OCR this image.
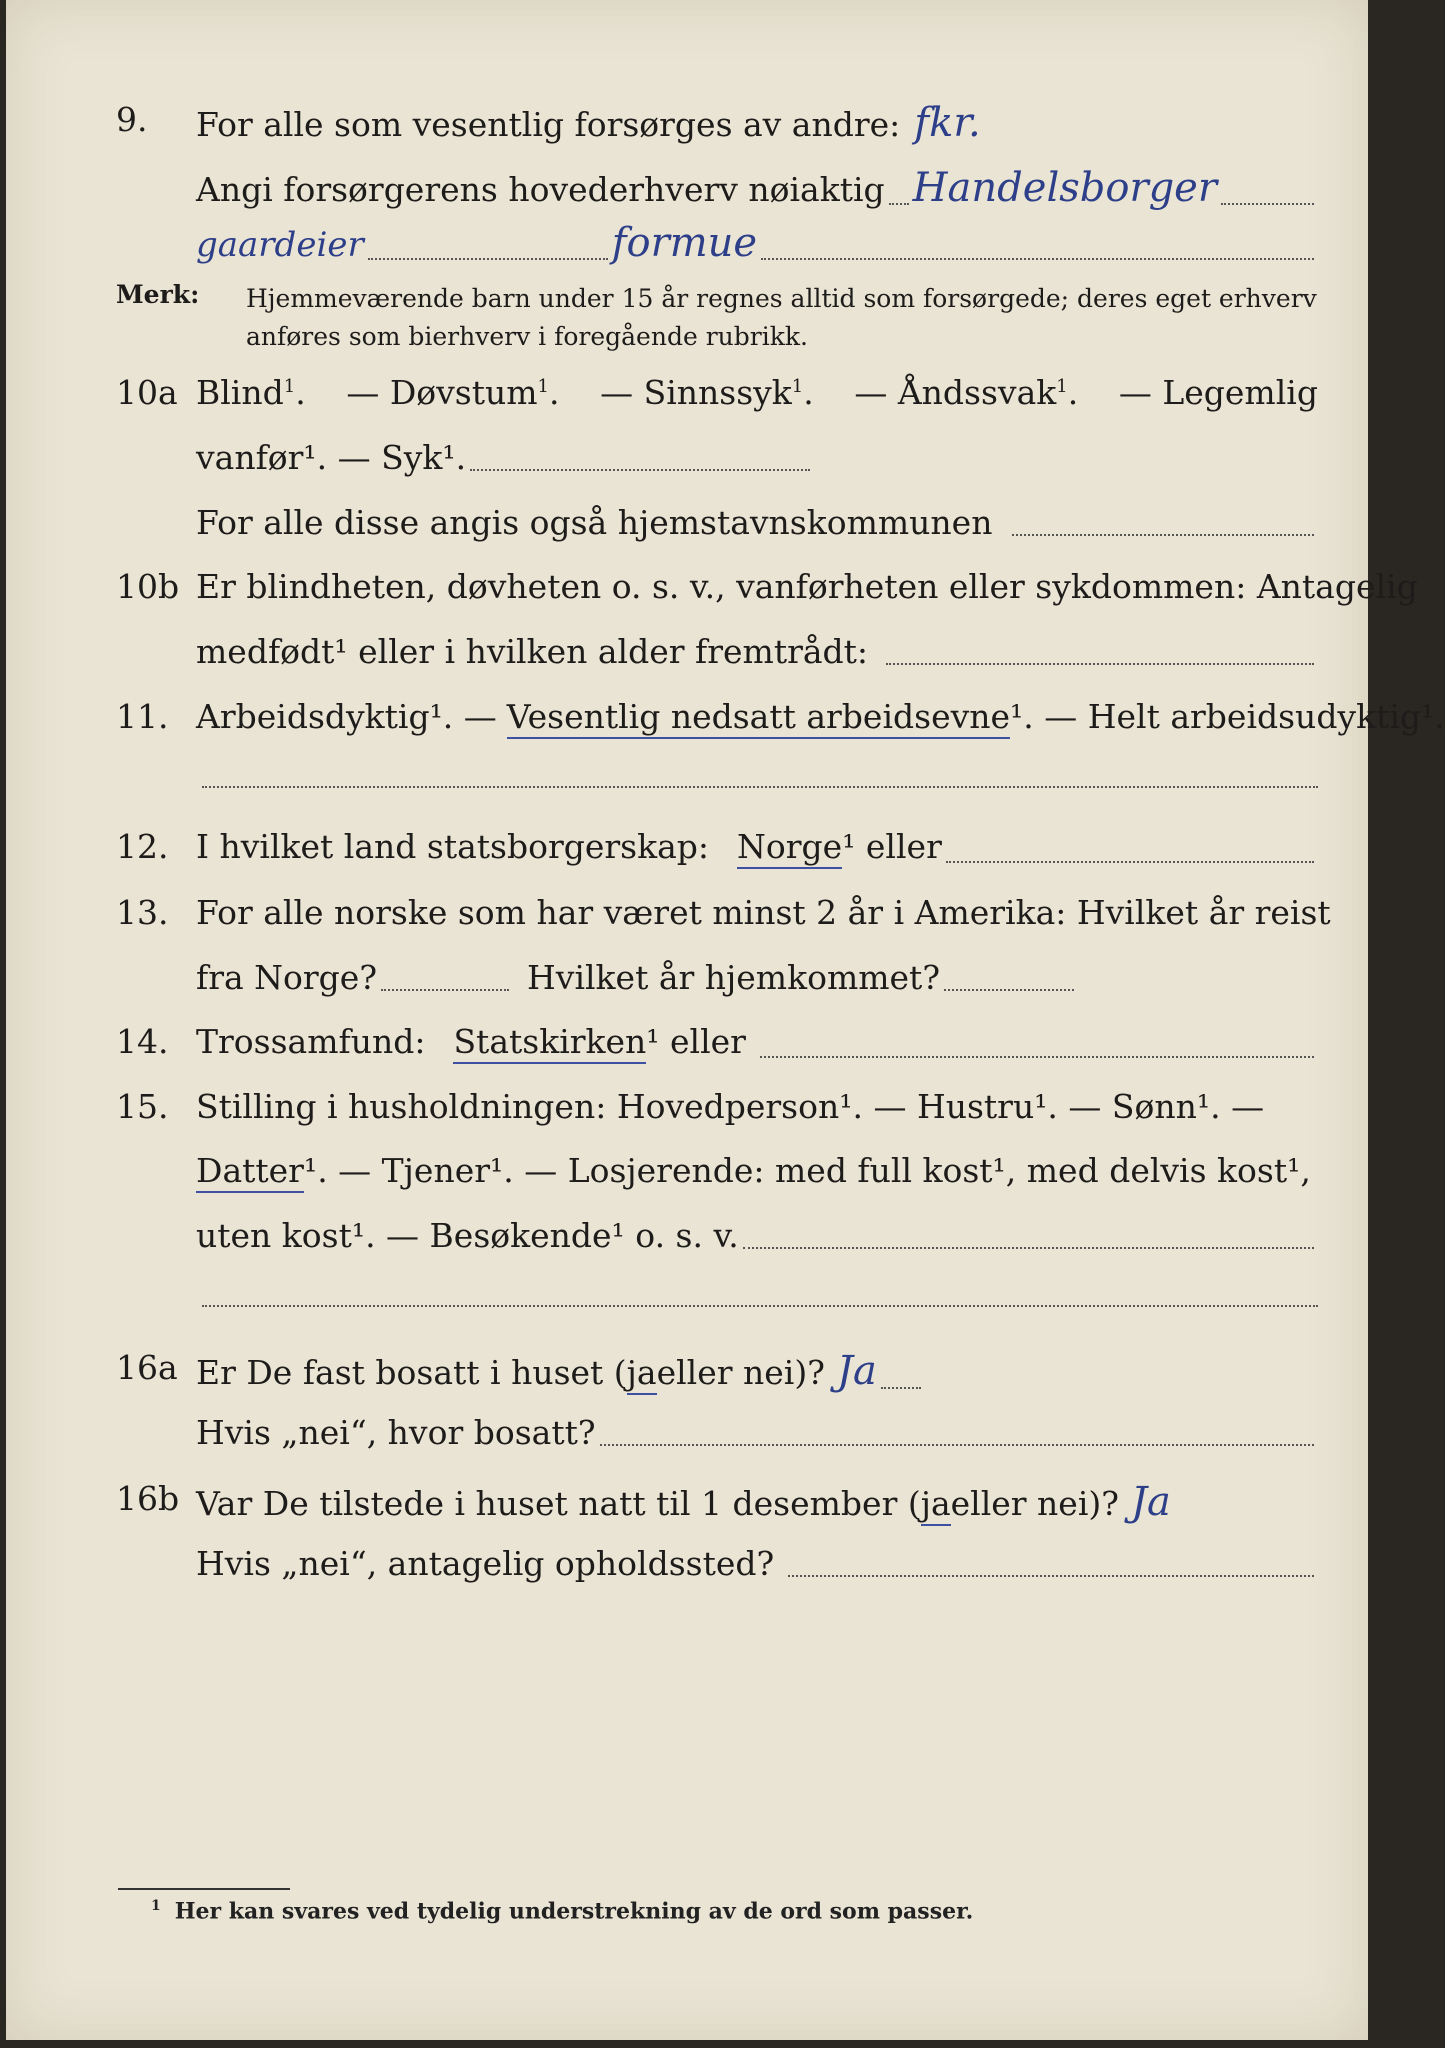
9. For alle som vesentlig forsørges av andre: fkr.
Angi forsørgerens hovederhverv nøiaktig Handelsborger
gaardeier	formue
Merk: Hjemmeværende barn under 15 år regnes alltid som forsørgede; deres eget erhverv anføres som bierhverv i foregående rubrikk.
10a Blind$^1$. — Døvstum$^1$. — Sinnssyk$^1$. — Åndssvak$^1$. — Legemlig
vanfør¹. — Syk¹.
For alle disse angis også hjemstavnskommunen
10b Er blindheten, døvheten o. s. v., vanførheten eller sykdommen: Antagelig
medfødt¹ eller i hvilken alder fremtrådt:
11. Arbeidsdyktig¹. — Vesentlig nedsatt arbeidsevne ¹. — Helt arbeidsudyktig¹.
12. I hvilket land statsborgerskap: Norge ¹ eller
13. For alle norske som har været minst 2 år i Amerika: Hvilket år reist
fra Norge?	Hvilket år hjemkommet?
14. Trossamfund: Statskirken ¹ eller
15. Stilling i husholdningen: Hovedperson¹. — Hustru¹. — Sønn¹. —
Datter ¹. — Tjener¹. — Losjerende: med full kost¹, med delvis kost¹,
uten kost¹. — Besøkende¹ o. s. v.
16a Er De fast bosatt i huset ( ja eller nei)? Ja
Hvis „nei“, hvor bosatt?
16b Var De tilstede i huset natt til 1 desember ( ja eller nei)? Ja
Hvis „nei“, antagelig opholdssted?
$^1$ Her kan svares ved tydelig understrekning av de ord som passer.
